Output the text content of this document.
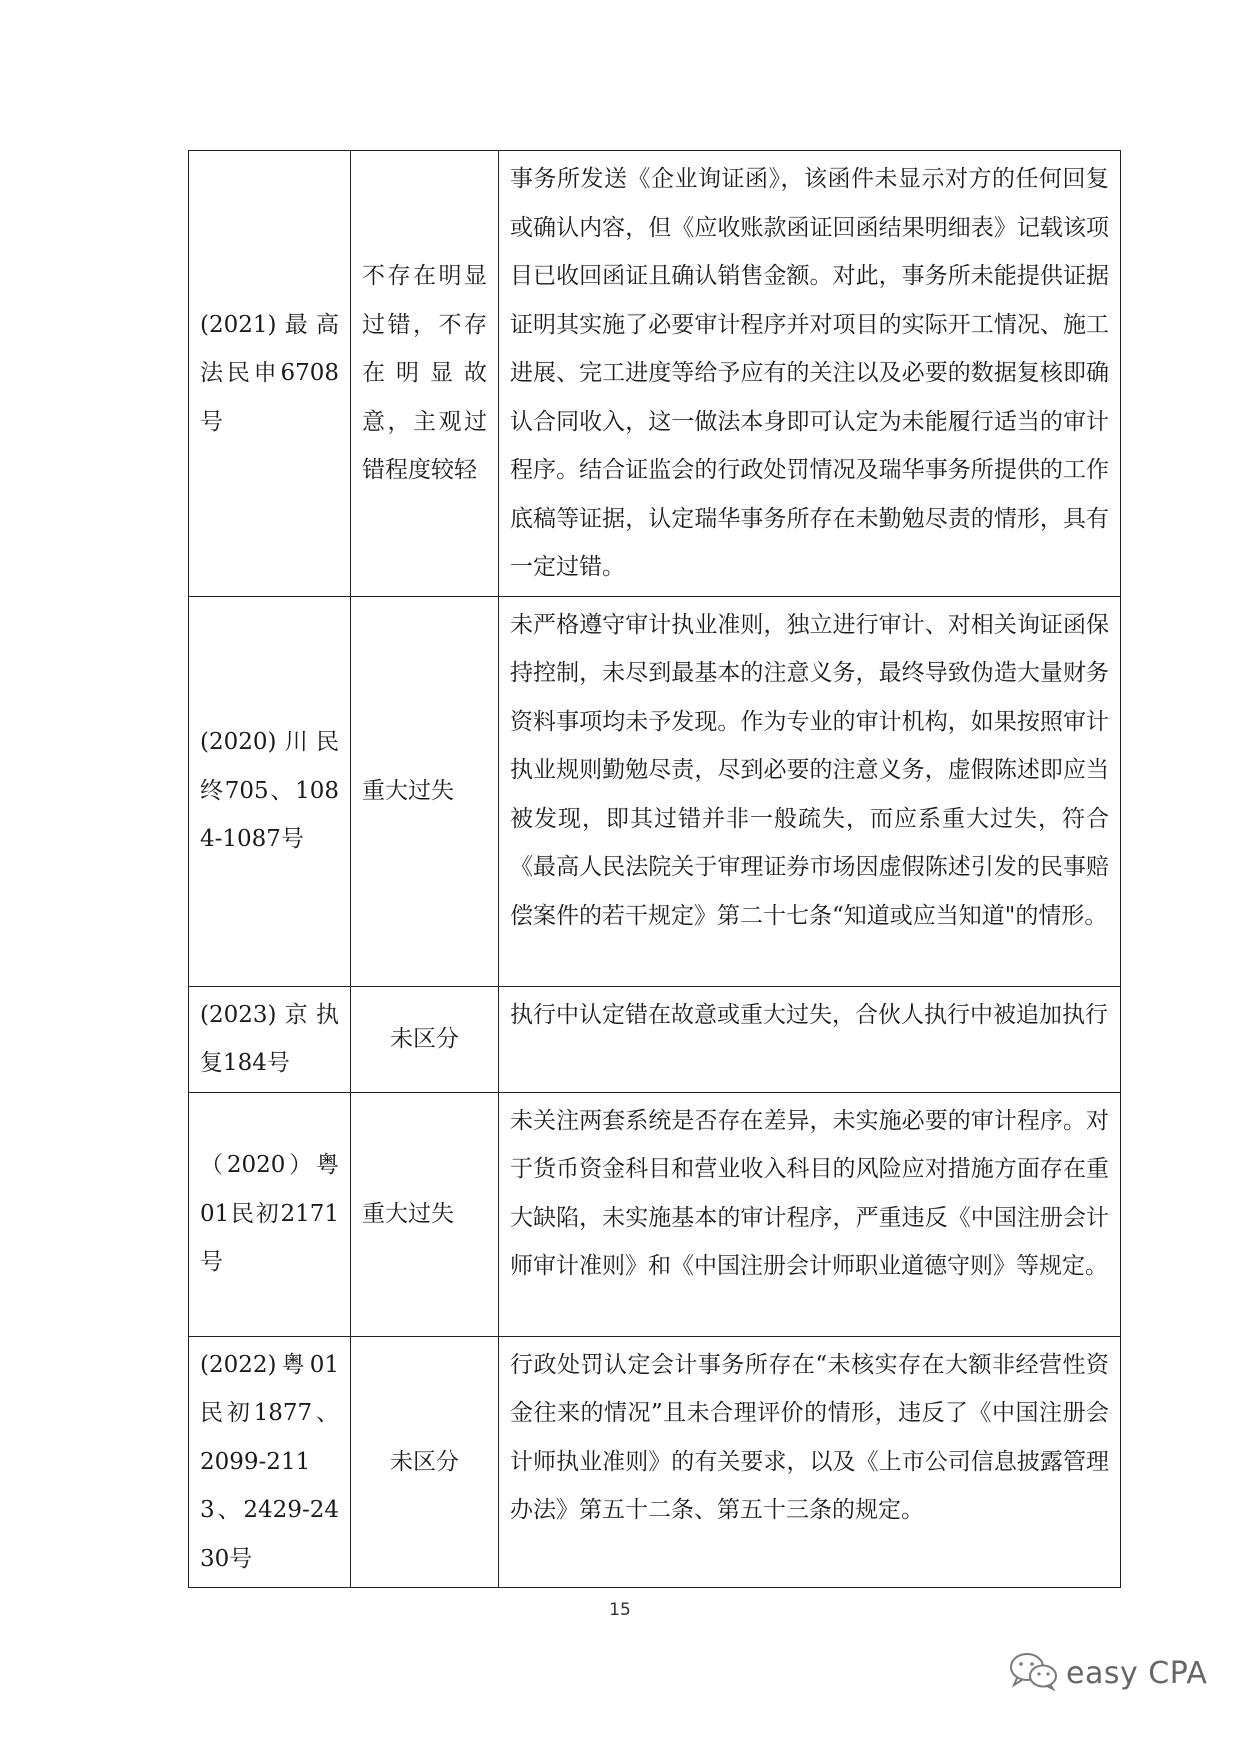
(2021)最高法民申6708号	不存在明显过错，不存在明显故意，主观过错程度较轻	事务所发送《企业询证函》，该函件未显示对方的任何回复或确认内容，但《应收账款函证回函结果明细表》记载该项目已收回函证且确认销售金额。对此，事务所未能提供证据证明其实施了必要审计程序并对项目的实际开工情况、施工进展、完工进度等给予应有的关注以及必要的数据复核即确认合同收入，这一做法本身即可认定为未能履行适当的审计程序。结合证监会的行政处罚情况及瑞华事务所提供的工作底稿等证据，认定瑞华事务所存在未勤勉尽责的情形，具有一定过错。
(2020)川民终705、1084-1087号	重大过失	未严格遵守审计执业准则，独立进行审计、对相关询证函保持控制，未尽到最基本的注意义务，最终导致伪造大量财务资料事项均未予发现。作为专业的审计机构，如果按照审计执业规则勤勉尽责，尽到必要的注意义务，虚假陈述即应当被发现，即其过错并非一般疏失，而应系重大过失，符合《最高人民法院关于审理证券市场因虚假陈述引发的民事赔偿案件的若干规定》第二十七条“知道或应当知道"的情形。
(2023)京执复184号	未区分	执行中认定错在故意或重大过失，合伙人执行中被追加执行
（2020）粤01民初2171号	重大过失	未关注两套系统是否存在差异，未实施必要的审计程序。对于货币资金科目和营业收入科目的风险应对措施方面存在重大缺陷，未实施基本的审计程序，严重违反《中国注册会计师审计准则》和《中国注册会计师职业道德守则》等规定。
(2022)粤01民初1877、2099-2113、2429-2430号	未区分	行政处罚认定会计事务所存在“未核实存在大额非经营性资金往来的情况”且未合理评价的情形，违反了《中国注册会计师执业准则》的有关要求，以及《上市公司信息披露管理办法》第五十二条、第五十三条的规定。
15
easy CPA
